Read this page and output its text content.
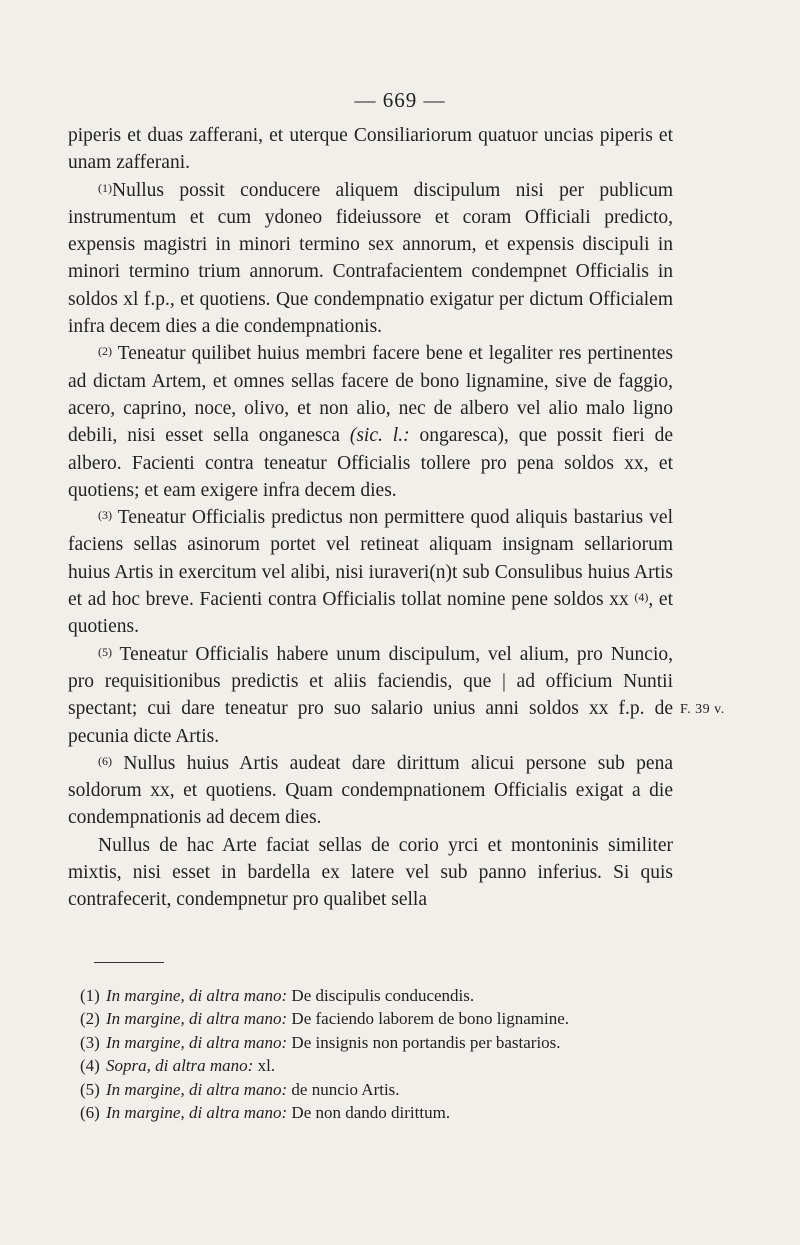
— 669 —

piperis et duas zafferani, et uterque Consiliariorum quatuor uncias piperis et unam zafferani.

$^{(1)}$Nullus possit conducere aliquem discipulum nisi per publicum instrumentum et cum ydoneo fideiussore et coram Officiali predicto, expensis magistri in minori termino sex annorum, et expensis discipuli in minori termino trium annorum. Contrafacientem condempnet Officialis in soldos xl f.p., et quotiens. Que condempnatio exigatur per dictum Officialem infra decem dies a die condempnationis.

$^{(2)}$ Teneatur quilibet huius membri facere bene et legaliter res pertinentes ad dictam Artem, et omnes sellas facere de bono lignamine, sive de faggio, acero, caprino, noce, olivo, et non alio, nec de albero vel alio malo ligno debili, nisi esset sella onganesca (sic. l.: ongaresca), que possit fieri de albero. Facienti contra teneatur Officialis tollere pro pena soldos xx, et quotiens; et eam exigere infra decem dies.

$^{(3)}$ Teneatur Officialis predictus non permittere quod aliquis bastarius vel faciens sellas asinorum portet vel retineat aliquam insignam sellariorum huius Artis in exercitum vel alibi, nisi iuraveri(n)t sub Consulibus huius Artis et ad hoc breve. Facienti contra Officialis tollat nomine pene soldos xx $^{(4)}$, et quotiens.

$^{(5)}$ Teneatur Officialis habere unum discipulum, vel alium, pro Nuncio, pro requisitionibus predictis et aliis faciendis, que | ad officium Nuntii spectant; cui dare teneatur pro suo salario unius anni soldos xx f.p. de pecunia dicte Artis.

$^{(6)}$ Nullus huius Artis audeat dare dirittum alicui persone sub pena soldorum xx, et quotiens. Quam condempnationem Officialis exigat a die condempnationis ad decem dies.

Nullus de hac Arte faciat sellas de corio yrci et montoninis similiter mixtis, nisi esset in bardella ex latere vel sub panno inferius. Si quis contrafecerit, condempnetur pro qualibet sella

F. 39 v.
(1) In margine, di altra mano: De discipulis conducendis.
(2) In margine, di altra mano: De faciendo laborem de bono lignamine.
(3) In margine, di altra mano: De insignis non portandis per bastarios.
(4) Sopra, di altra mano: xl.
(5) In margine, di altra mano: de nuncio Artis.
(6) In margine, di altra mano: De non dando dirittum.
